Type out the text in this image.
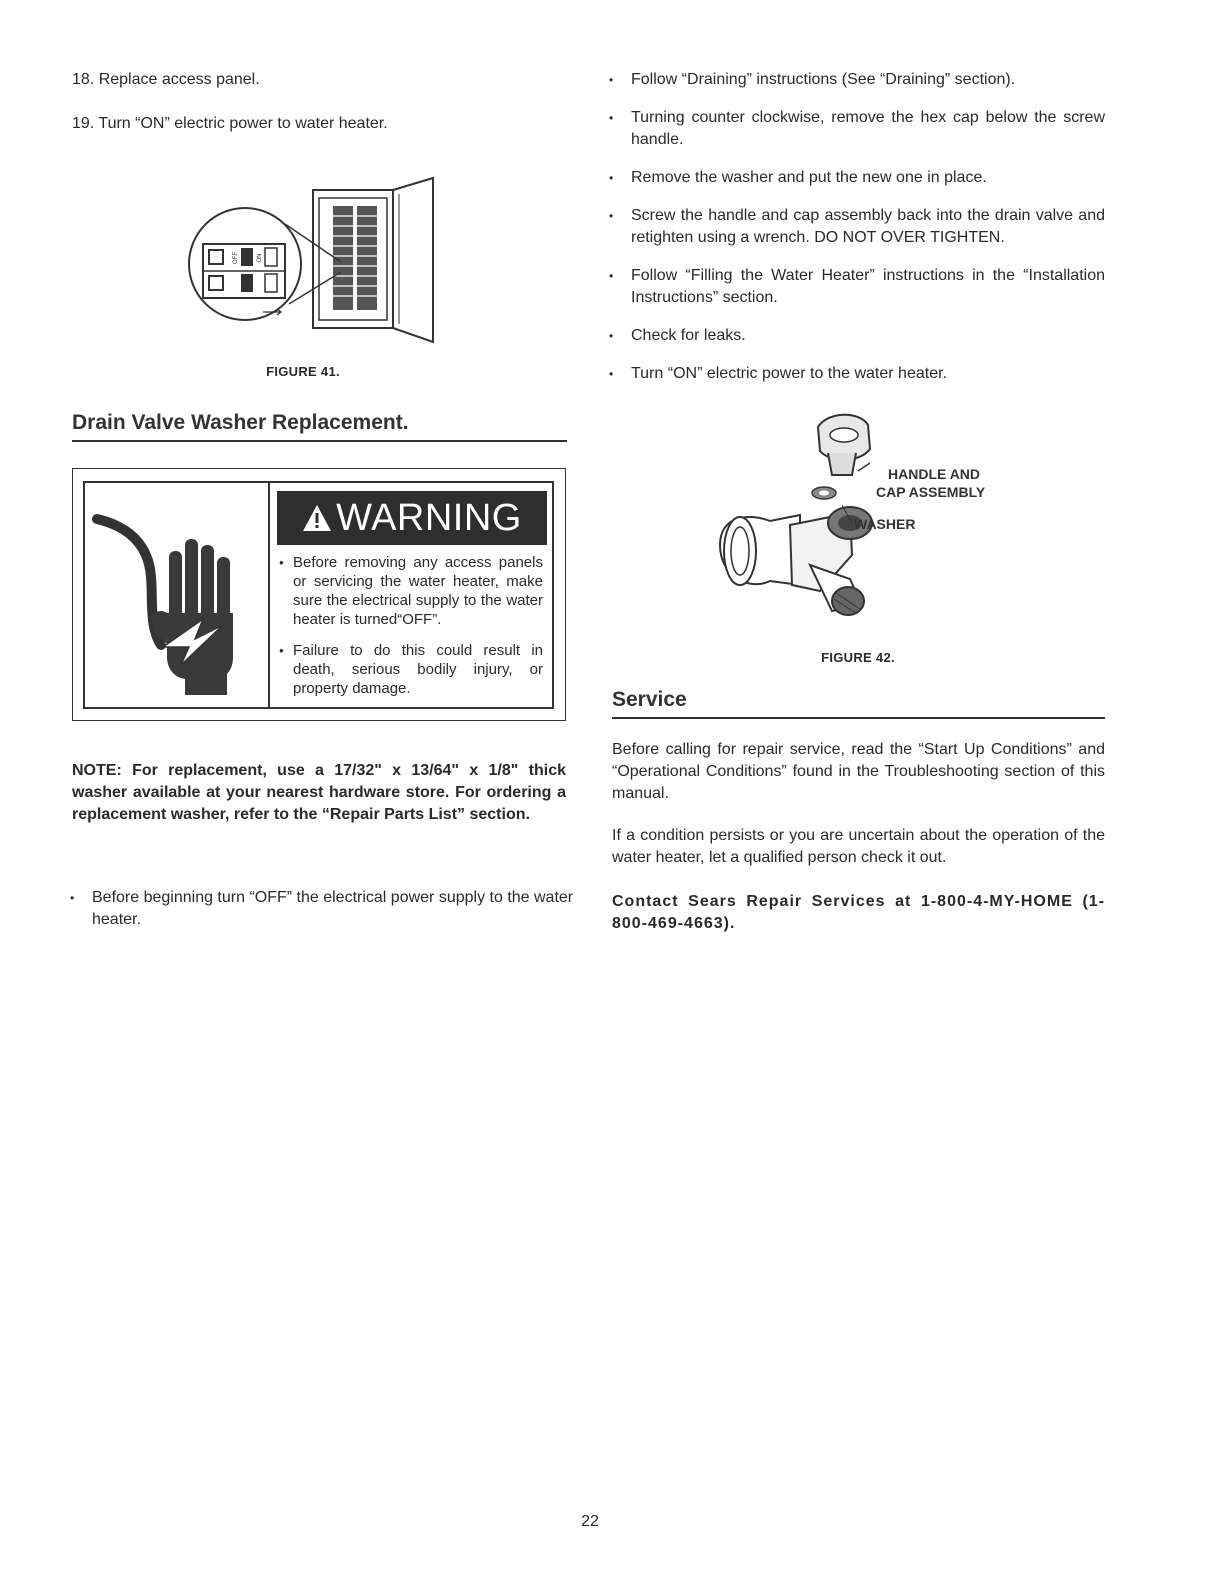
18. Replace access panel.

19. Turn “ON” electric power to water heater.

OFF	ON
FIGURE 41.
Drain Valve Washer Replacement.
WARNING

● Before removing any access panels or servicing the water heater, make sure the electrical supply to the water heater is turned“OFF”.

● Failure to do this could result in death, serious bodily injury, or property damage.

NOTE: For replacement, use a 17/32" x 13/64" x 1/8" thick washer available at your nearest hardware store. For ordering a replacement washer, refer to the “Repair Parts List” section.

• Before beginning turn “OFF” the electrical power supply to the water heater.

• Follow “Draining” instructions (See “Draining” section).

• Turning counter clockwise, remove the hex cap below the screw handle.

• Remove the washer and put the new one in place.

• Screw the handle and cap assembly back into the drain valve and retighten using a wrench. DO NOT OVER TIGHTEN.

• Follow “Filling the Water Heater” instructions in the “Installation Instructions” section.

• Check for leaks.

• Turn “ON” electric power to the water heater.

HANDLE AND
CAP ASSEMBLY
WASHER
FIGURE 42.
Service

Before calling for repair service, read the “Start Up Conditions” and “Operational Conditions” found in the Troubleshooting section of this manual.

If a condition persists or you are uncertain about the operation of the water heater, let a qualified person check it out.

Contact Sears Repair Services at 1-800-4-MY-HOME (1-800-469-4663).

22
